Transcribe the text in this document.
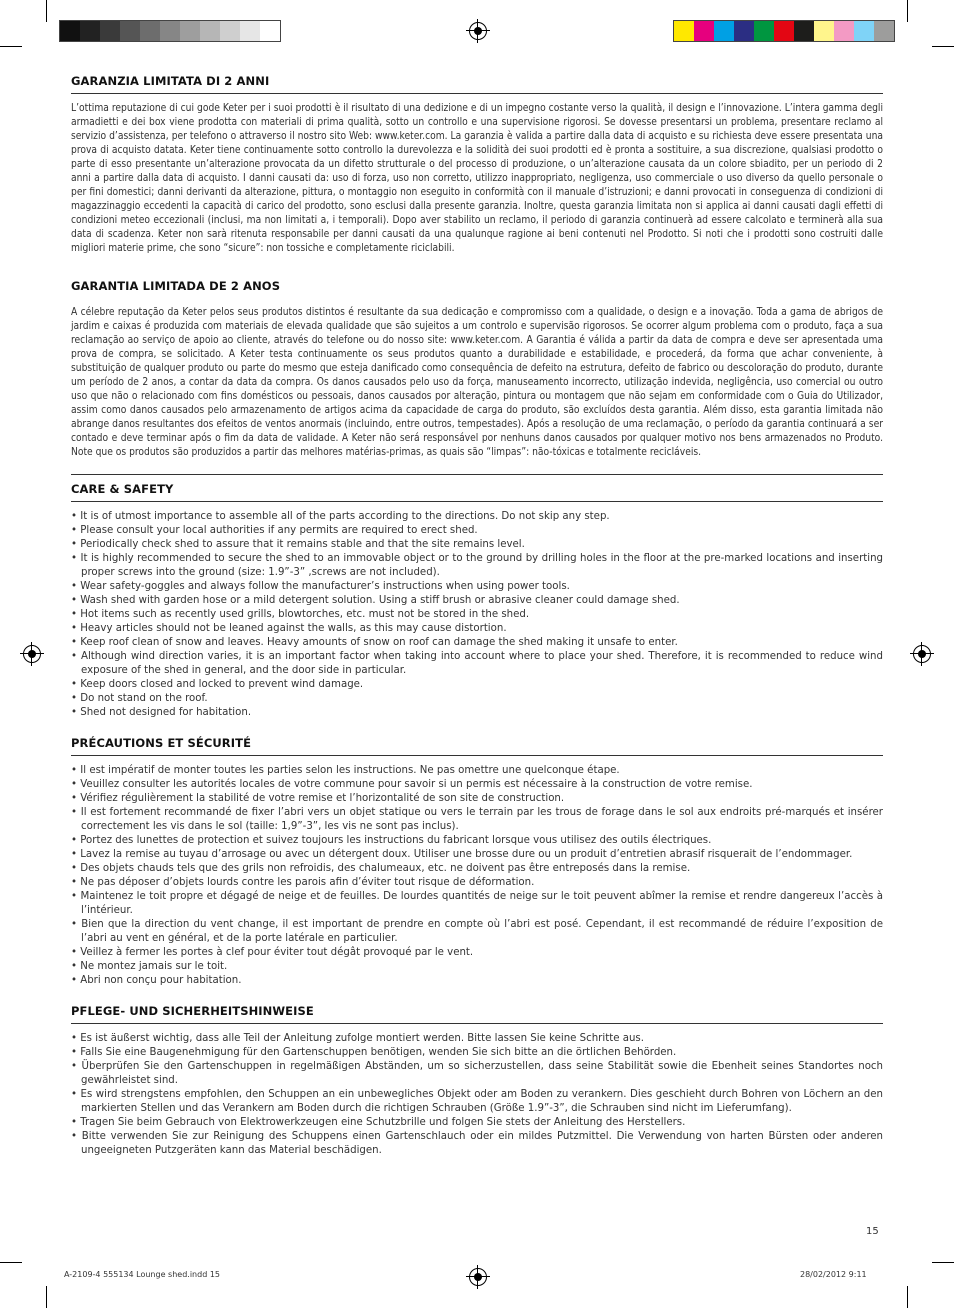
GARANZIA LIMITATA DI 2 ANNI

L’ottima reputazione di cui gode Keter per i suoi prodotti è il risultato di una dedizione e di un impegno costante verso la qualità, il design e l’innovazione. L’intera gamma degli armadietti e dei box viene prodotta con materiali di prima qualità, sotto un controllo e una supervisione rigorosi. Se dovesse presentarsi un problema, presentare reclamo al servizio d’assistenza, per telefono o attraverso il nostro sito Web: www.keter.com. La garanzia è valida a partire dalla data di acquisto e su richiesta deve essere presentata una prova di acquisto datata. Keter tiene continuamente sotto controllo la durevolezza e la solidità dei suoi prodotti ed è pronta a sostituire, a sua discrezione, qualsiasi prodotto o parte di esso presentante un’alterazione provocata da un difetto strutturale o del processo di produzione, o un’alterazione causata da un colore sbiadito, per un periodo di 2 anni a partire dalla data di acquisto. I danni causati da: uso di forza, uso non corretto, utilizzo inappropriato, negligenza, uso commerciale o uso diverso da quello personale o per fini domestici; danni derivanti da alterazione, pittura, o montaggio non eseguito in conformità con il manuale d’istruzioni; e danni provocati in conseguenza di condizioni di magazzinaggio eccedenti la capacità di carico del prodotto, sono esclusi dalla presente garanzia. Inoltre, questa garanzia limitata non si applica ai danni causati dagli effetti di condizioni meteo eccezionali (inclusi, ma non limitati a, i temporali). Dopo aver stabilito un reclamo, il periodo di garanzia continuerà ad essere calcolato e terminerà alla sua data di scadenza. Keter non sarà ritenuta responsabile per danni causati da una qualunque ragione ai beni contenuti nel Prodotto. Si noti che i prodotti sono costruiti dalle migliori materie prime, che sono “sicure”: non tossiche e completamente riciclabili.

GARANTIA LIMITADA DE 2 ANOS

A célebre reputação da Keter pelos seus produtos distintos é resultante da sua dedicação e compromisso com a qualidade, o design e a inovação. Toda a gama de abrigos de jardim e caixas é produzida com materiais de elevada qualidade que são sujeitos a um controlo e supervisão rigorosos. Se ocorrer algum problema com o produto, faça a sua reclamação ao serviço de apoio ao cliente, através do telefone ou do nosso site: www.keter.com. A Garantia é válida a partir da data de compra e deve ser apresentada uma prova de compra, se solicitado. A Keter testa continuamente os seus produtos quanto a durabilidade e estabilidade, e procederá, da forma que achar conveniente, à substituição de qualquer produto ou parte do mesmo que esteja danificado como consequência de defeito na estrutura, defeito de fabrico ou descoloração do produto, durante um período de 2 anos, a contar da data da compra. Os danos causados pelo uso da força, manuseamento incorrecto, utilização indevida, negligência, uso comercial ou outro uso que não o relacionado com fins domésticos ou pessoais, danos causados por alteração, pintura ou montagem que não sejam em conformidade com o Guia do Utilizador, assim como danos causados pelo armazenamento de artigos acima da capacidade de carga do produto, são excluídos desta garantia. Além disso, esta garantia limitada não abrange danos resultantes dos efeitos de ventos anormais (incluindo, entre outros, tempestades). Após a resolução de uma reclamação, o período da garantia continuará a ser contado e deve terminar após o fim da data de validade. A Keter não será responsável por nenhuns danos causados por qualquer motivo nos bens armazenados no Produto. Note que os produtos são produzidos a partir das melhores matérias-primas, as quais são “limpas”: não-tóxicas e totalmente recicláveis.

CARE & SAFETY
• It is of utmost importance to assemble all of the parts according to the directions. Do not skip any step.
• Please consult your local authorities if any permits are required to erect shed.
• Periodically check shed to assure that it remains stable and that the site remains level.
• It is highly recommended to secure the shed to an immovable object or to the ground by drilling holes in the floor at the pre-marked locations and inserting proper screws into the ground (size: 1.9”-3” ,screws are not included).
• Wear safety-goggles and always follow the manufacturer’s instructions when using power tools.
• Wash shed with garden hose or a mild detergent solution. Using a stiff brush or abrasive cleaner could damage shed.
• Hot items such as recently used grills, blowtorches, etc. must not be stored in the shed.
• Heavy articles should not be leaned against the walls, as this may cause distortion.
• Keep roof clean of snow and leaves. Heavy amounts of snow on roof can damage the shed making it unsafe to enter.
• Although wind direction varies, it is an important factor when taking into account where to place your shed. Therefore, it is recommended to reduce wind exposure of the shed in general, and the door side in particular.
• Keep doors closed and locked to prevent wind damage.
• Do not stand on the roof.
• Shed not designed for habitation.
PRÉCAUTIONS ET SÉCURITÉ
• Il est impératif de monter toutes les parties selon les instructions. Ne pas omettre une quelconque étape.
• Veuillez consulter les autorités locales de votre commune pour savoir si un permis est nécessaire à la construction de votre remise.
• Vérifiez régulièrement la stabilité de votre remise et l’horizontalité de son site de construction.
• Il est fortement recommandé de fixer l’abri vers un objet statique ou vers le terrain par les trous de forage dans le sol aux endroits pré-marqués et insérer correctement les vis dans le sol (taille: 1,9”-3”, les vis ne sont pas inclus).
• Portez des lunettes de protection et suivez toujours les instructions du fabricant lorsque vous utilisez des outils électriques.
• Lavez la remise au tuyau d’arrosage ou avec un détergent doux. Utiliser une brosse dure ou un produit d’entretien abrasif risquerait de l’endommager.
• Des objets chauds tels que des grils non refroidis, des chalumeaux, etc. ne doivent pas être entreposés dans la remise.
• Ne pas déposer d’objets lourds contre les parois afin d’éviter tout risque de déformation.
• Maintenez le toit propre et dégagé de neige et de feuilles. De lourdes quantités de neige sur le toit peuvent abîmer la remise et rendre dangereux l’accès à l’intérieur.
• Bien que la direction du vent change, il est important de prendre en compte où l’abri est posé. Cependant, il est recommandé de réduire l’exposition de l’abri au vent en général, et de la porte latérale en particulier.
• Veillez à fermer les portes à clef pour éviter tout dégât provoqué par le vent.
• Ne montez jamais sur le toit.
• Abri non conçu pour habitation.
PFLEGE- UND SICHERHEITSHINWEISE
• Es ist äußerst wichtig, dass alle Teil der Anleitung zufolge montiert werden. Bitte lassen Sie keine Schritte aus.
• Falls Sie eine Baugenehmigung für den Gartenschuppen benötigen, wenden Sie sich bitte an die örtlichen Behörden.
• Überprüfen Sie den Gartenschuppen in regelmäßigen Abständen, um so sicherzustellen, dass seine Stabilität sowie die Ebenheit seines Standortes noch gewährleistet sind.
• Es wird strengstens empfohlen, den Schuppen an ein unbewegliches Objekt oder am Boden zu verankern. Dies geschieht durch Bohren von Löchern an den markierten Stellen und das Verankern am Boden durch die richtigen Schrauben (Größe 1.9”-3”, die Schrauben sind nicht im Lieferumfang).
• Tragen Sie beim Gebrauch von Elektrowerkzeugen eine Schutzbrille und folgen Sie stets der Anleitung des Herstellers.
• Bitte verwenden Sie zur Reinigung des Schuppens einen Gartenschlauch oder ein mildes Putzmittel. Die Verwendung von harten Bürsten oder anderen ungeeigneten Putzgeräten kann das Material beschädigen.
15
A-2109-4 555134 Lounge shed.indd 15	28/02/2012 9:11
